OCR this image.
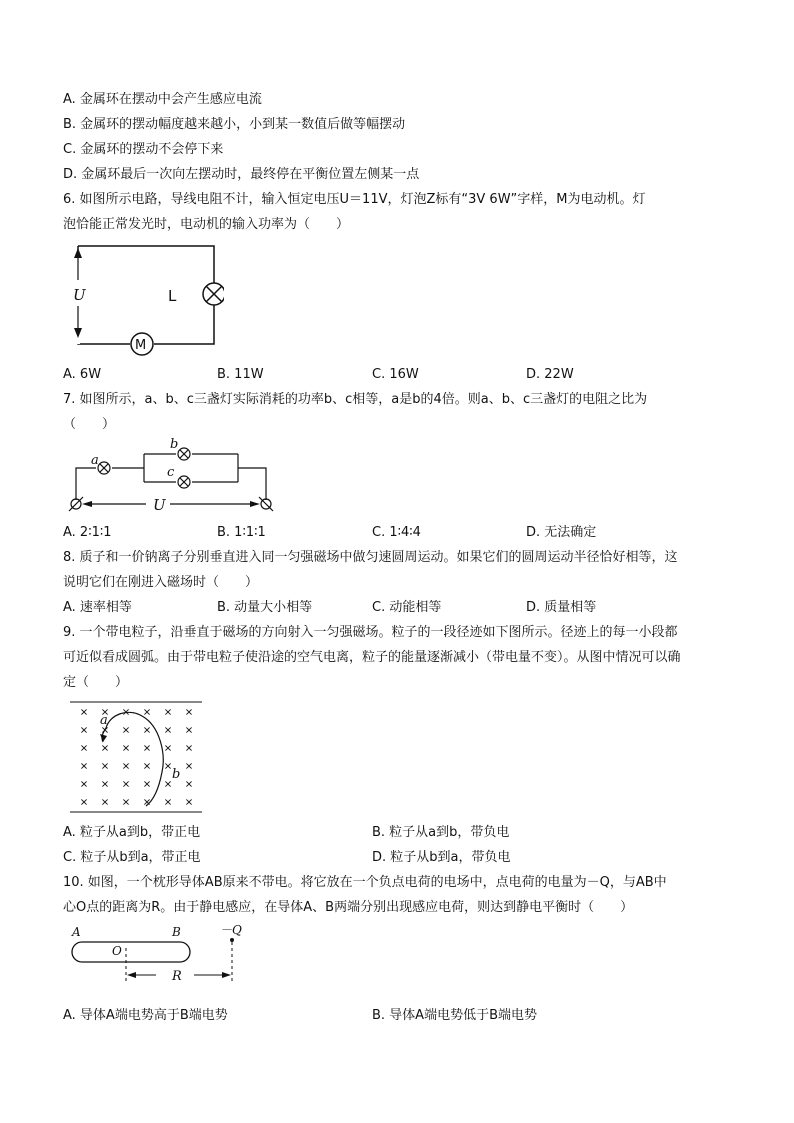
A. 金属环在摆动中会产生感应电流
B. 金属环的摆动幅度越来越小，小到某一数值后做等幅摆动
C. 金属环的摆动不会停下来
D. 金属环最后一次向左摆动时，最终停在平衡位置左侧某一点
6. 如图所示电路，导线电阻不计，输入恒定电压U＝11V，灯泡Z标有“3V 6W”字样，M为电动机。灯
泡恰能正常发光时，电动机的输入功率为（　　）
U	L
M
A. 6W	B. 11W	C. 16W	D. 22W
7. 如图所示，a、b、c三盏灯实际消耗的功率b、c相等，a是b的4倍。则a、b、c三盏灯的电阻之比为
（　　）
a
b
c
U
A. 2∶1∶1	B. 1∶1∶1	C. 1∶4∶4	D. 无法确定
8. 质子和一价钠离子分别垂直进入同一匀强磁场中做匀速圆周运动。如果它们的圆周运动半径恰好相等，这
说明它们在刚进入磁场时（　　）
A. 速率相等	B. 动量大小相等	C. 动能相等	D. 质量相等
9. 一个带电粒子，沿垂直于磁场的方向射入一匀强磁场。粒子的一段径迹如下图所示。径迹上的每一小段都
可近似看成圆弧。由于带电粒子使沿途的空气电离，粒子的能量逐渐减小（带电量不变）。从图中情况可以确
定（　　）
a
b
A. 粒子从a到b，带正电	B. 粒子从a到b，带负电
C. 粒子从b到a，带正电	D. 粒子从b到a，带负电
10. 如图，一个枕形导体AB原来不带电。将它放在一个负点电荷的电场中，点电荷的电量为－Q，与AB中
心O点的距离为R。由于静电感应，在导体A、B两端分别出现感应电荷，则达到静电平衡时（　　）
A	B
O
－Q
R
A. 导体A端电势高于B端电势	B. 导体A端电势低于B端电势
